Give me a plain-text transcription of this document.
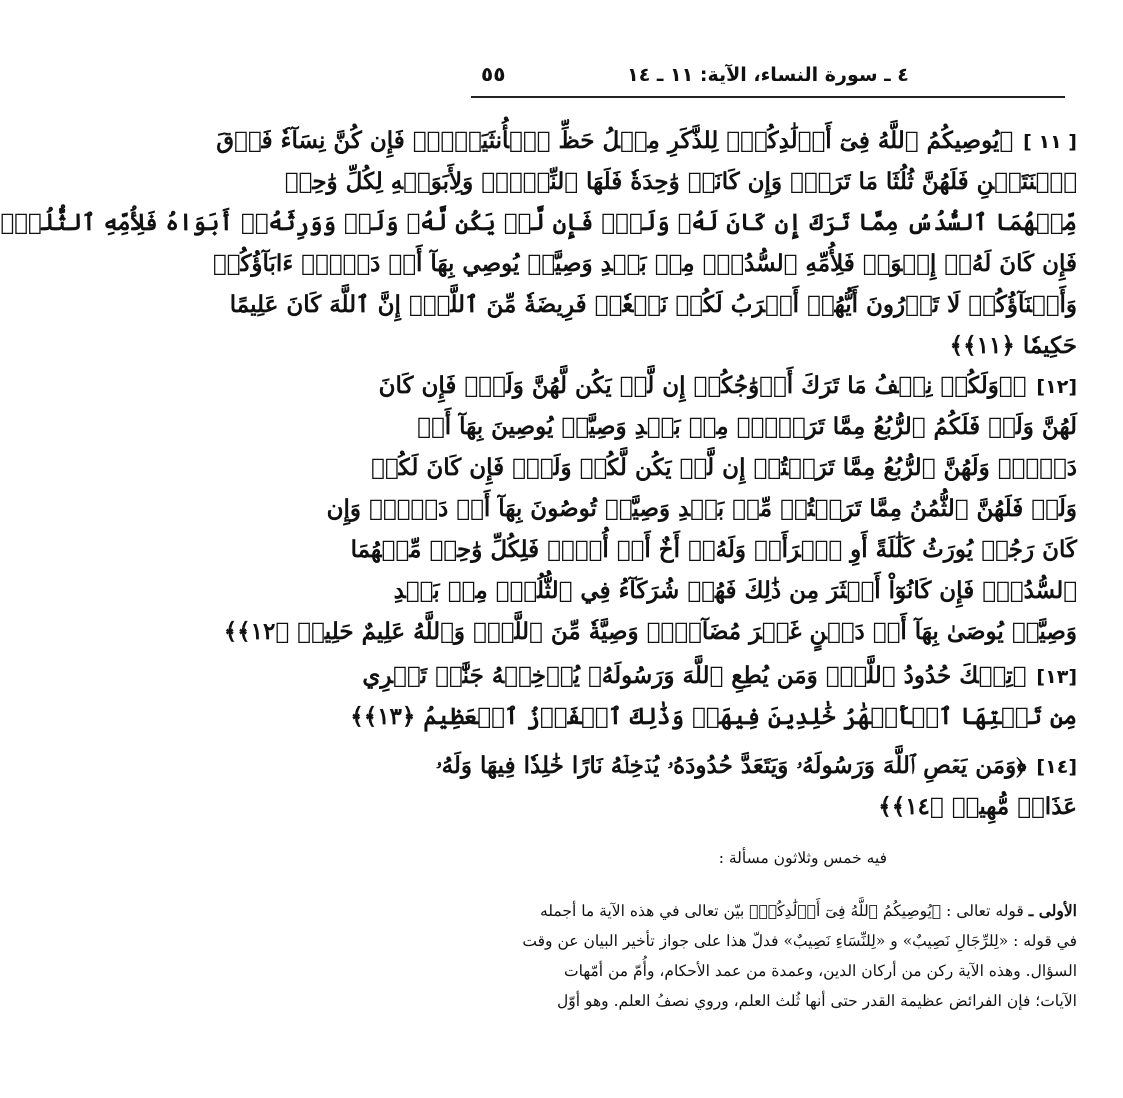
٤ ـ سورة النساء، الآية: ١١ ـ ١٤
٥٥
[ ١١ ]﴿يُوصِيكُمُ ٱللَّهُ فِىٓ أَوۡلَٰدِكُمۡۖ لِلذَّكَرِ مِثۡلُ حَظِّ ٱلۡأُنثَيَيۡنِۚ فَإِن كُنَّ نِسَآءٗ فَوۡقَ
ٱثۡنَتَيۡنِ فَلَهُنَّ ثُلُثَا مَا تَرَكَۖ وَإِن كَانَتۡ وَٰحِدَةٗ فَلَهَا ٱلنِّصۡفُۚ وَلِأَبَوَيۡهِ لِكُلِّ وَٰحِدٖ
مِّنۡهُمَا ٱلسُّدُسُ مِمَّا تَرَكَ إِن كَانَ لَهُۥ وَلَدٞۚ فَإِن لَّمۡ يَكُن لَّهُۥ وَلَدٞ وَوَرِثَهُۥٓ أَبَوَاهُ فَلِأُمِّهِ ٱلثُّلُثُۚ
فَإِن كَانَ لَهُۥٓ إِخۡوَةٞ فَلِأُمِّهِ ٱلسُّدُسُۚ مِنۢ بَعۡدِ وَصِيَّةٖ يُوصِي بِهَآ أَوۡ دَيۡنٍۗ ءَابَآؤُكُمۡ
وَأَبۡنَآؤُكُمۡ لَا تَدۡرُونَ أَيُّهُمۡ أَقۡرَبُ لَكُمۡ نَفۡعٗاۚ فَرِيضَةٗ مِّنَ ٱللَّهِۗ إِنَّ ٱللَّهَ كَانَ عَلِيمًا
حَكِيمٗا ﴿١١﴾﴾
[١٢]﴿۞وَلَكُمۡ نِصۡفُ مَا تَرَكَ أَزۡوَٰجُكُمۡ إِن لَّمۡ يَكُن لَّهُنَّ وَلَدٞۚ فَإِن كَانَ
لَهُنَّ وَلَدٞ فَلَكُمُ ٱلرُّبُعُ مِمَّا تَرَكۡنَۚ مِنۢ بَعۡدِ وَصِيَّةٖ يُوصِينَ بِهَآ أَوۡ
دَيۡنٖۚ وَلَهُنَّ ٱلرُّبُعُ مِمَّا تَرَكۡتُمۡ إِن لَّمۡ يَكُن لَّكُمۡ وَلَدٞۚ فَإِن كَانَ لَكُمۡ
وَلَدٞ فَلَهُنَّ ٱلثُّمُنُ مِمَّا تَرَكۡتُمۚ مِّنۢ بَعۡدِ وَصِيَّةٖ تُوصُونَ بِهَآ أَوۡ دَيۡنٖۗ وَإِن
كَانَ رَجُلٞ يُورَثُ كَلَٰلَةً أَوِ ٱمۡرَأَةٞ وَلَهُۥٓ أَخٌ أَوۡ أُخۡتٞ فَلِكُلِّ وَٰحِدٖ مِّنۡهُمَا
ٱلسُّدُسُۚ فَإِن كَانُوٓاْ أَكۡثَرَ مِن ذَٰلِكَ فَهُمۡ شُرَكَآءُ فِي ٱلثُّلُثِۚ مِنۢ بَعۡدِ
وَصِيَّةٖ يُوصَىٰ بِهَآ أَوۡ دَيۡنٍ غَيۡرَ مُضَآرّٖۚ وَصِيَّةٗ مِّنَ ٱللَّهِۗ وَٱللَّهُ عَلِيمٌ حَلِيمٞ ﴿١٢﴾﴾
[١٣]﴿تِلۡكَ حُدُودُ ٱللَّهِۚ وَمَن يُطِعِ ٱللَّهَ وَرَسُولَهُۥ يُدۡخِلۡهُ جَنَّٰتٖ تَجۡرِي
مِن تَحۡتِهَا ٱلۡأَنۡهَٰرُ خَٰلِدِينَ فِيهَاۚ وَذَٰلِكَ ٱلۡفَوۡزُ ٱلۡعَظِيمُ ﴿١٣﴾﴾
[١٤]﴿وَمَن يَعۡصِ ٱللَّهَ وَرَسُولَهُۥ وَيَتَعَدَّ حُدُودَهُۥ يُدۡخِلۡهُ نَارًا خَٰلِدٗا فِيهَا وَلَهُۥ
عَذَابٞ مُّهِينٞ ﴿١٤﴾﴾
فيه خمس وثلاثون مسألة :
الأولى ـ قوله تعالى : ﴿يُوصِيكُمُ ٱللَّهُ فِىٓ أَوۡلَٰدِكُمۡ﴾ بيّن تعالى في هذه الآية ما أجمله
في قوله : «لِلرِّجَالِ نَصِيبٌ» و «لِلنِّسَاءِ نَصِيبٌ» فدلّ هذا على جواز تأخير البيان عن وقت
السؤال. وهذه الآية ركن من أركان الدين، وعمدة من عمد الأحكام، وأُمّ من أمّهات
الآيات؛ فإن الفرائض عظيمة القدر حتى أنها ثُلث العلم، وروي نصفُ العلم. وهو أوّل
